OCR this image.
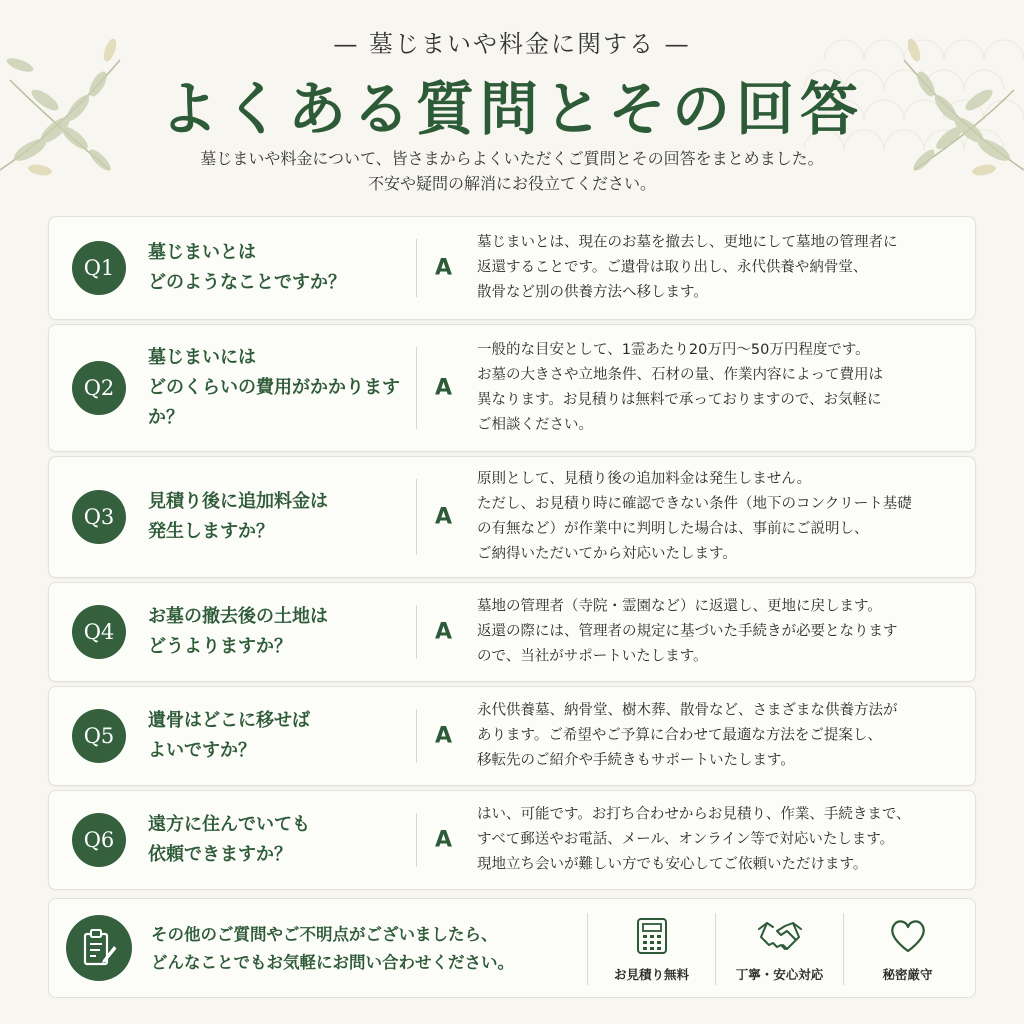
— 墓じまいや料金に関する —
よくある質問とその回答
墓じまいや料金について、皆さまからよくいただくご質問とその回答をまとめました。
不安や疑問の解消にお役立てください。
Q1
墓じまいとは
どのようなことですか？
A
墓じまいとは、現在のお墓を撤去し、更地にして墓地の管理者に
返還することです。ご遺骨は取り出し、永代供養や納骨堂、
散骨など別の供養方法へ移します。
Q2
墓じまいには
どのくらいの費用がかかりますか？
A
一般的な目安として、1霊あたり20万円〜50万円程度です。
お墓の大きさや立地条件、石材の量、作業内容によって費用は
異なります。お見積りは無料で承っておりますので、お気軽に
ご相談ください。
Q3
見積り後に追加料金は
発生しますか？
A
原則として、見積り後の追加料金は発生しません。
ただし、お見積り時に確認できない条件（地下のコンクリート基礎
の有無など）が作業中に判明した場合は、事前にご説明し、
ご納得いただいてから対応いたします。
Q4
お墓の撤去後の土地は
どうよりますか？
A
墓地の管理者（寺院・霊園など）に返還し、更地に戻します。
返還の際には、管理者の規定に基づいた手続きが必要となります
ので、当社がサポートいたします。
Q5
遺骨はどこに移せば
よいですか？
A
永代供養墓、納骨堂、樹木葬、散骨など、さまざまな供養方法が
あります。ご希望やご予算に合わせて最適な方法をご提案し、
移転先のご紹介や手続きもサポートいたします。
Q6
遠方に住んでいても
依頼できますか？
A
はい、可能です。お打ち合わせからお見積り、作業、手続きまで、
すべて郵送やお電話、メール、オンライン等で対応いたします。
現地立ち会いが難しい方でも安心してご依頼いただけます。
その他のご質問やご不明点がございましたら、
どんなことでもお気軽にお問い合わせください。
お見積り無料	丁寧・安心対応	秘密厳守
